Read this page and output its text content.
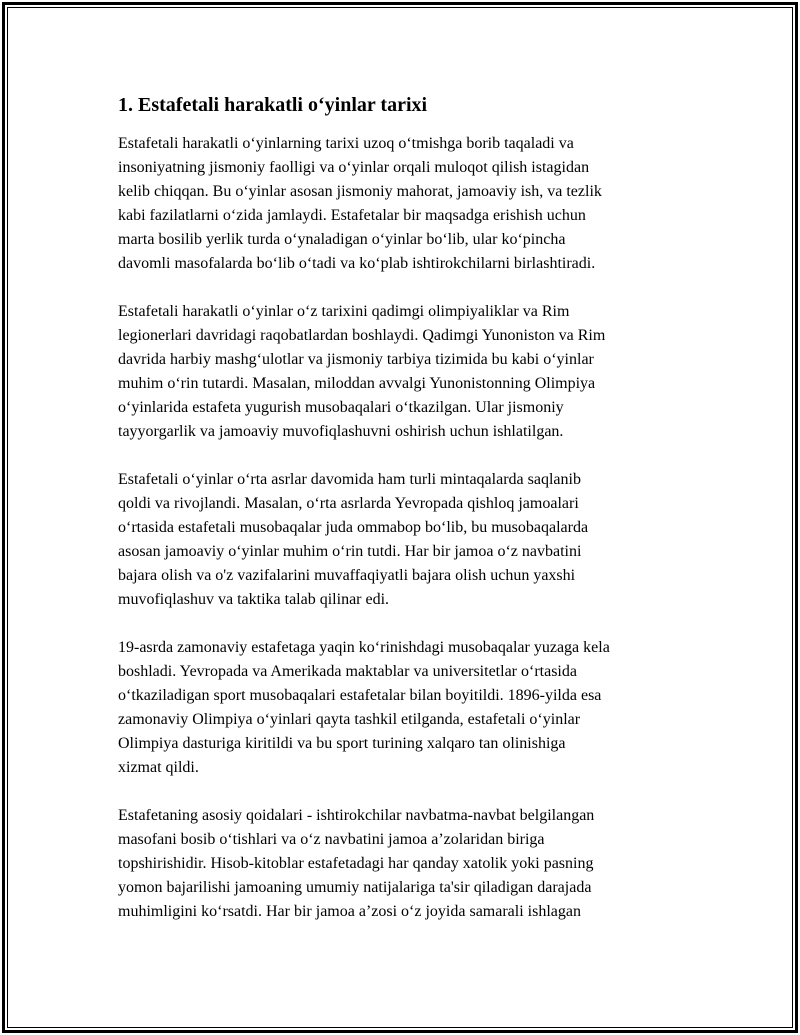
1. Estafetali harakatli o‘yinlar tarixi

Estafetali harakatli o‘yinlarning tarixi uzoq o‘tmishga borib taqaladi va
insoniyatning jismoniy faolligi va o‘yinlar orqali muloqot qilish istagidan
kelib chiqqan. Bu o‘yinlar asosan jismoniy mahorat, jamoaviy ish, va tezlik
kabi fazilatlarni o‘zida jamlaydi. Estafetalar bir maqsadga erishish uchun
marta bosilib yerlik turda o‘ynaladigan o‘yinlar bo‘lib, ular ko‘pincha
davomli masofalarda bo‘lib o‘tadi va ko‘plab ishtirokchilarni birlashtiradi.

Estafetali harakatli o‘yinlar o‘z tarixini qadimgi olimpiyaliklar va Rim
legionerlari davridagi raqobatlardan boshlaydi. Qadimgi Yunoniston va Rim
davrida harbiy mashg‘ulotlar va jismoniy tarbiya tizimida bu kabi o‘yinlar
muhim o‘rin tutardi. Masalan, miloddan avvalgi Yunonistonning Olimpiya
o‘yinlarida estafeta yugurish musobaqalari o‘tkazilgan. Ular jismoniy
tayyorgarlik va jamoaviy muvofiqlashuvni oshirish uchun ishlatilgan.

Estafetali o‘yinlar o‘rta asrlar davomida ham turli mintaqalarda saqlanib
qoldi va rivojlandi. Masalan, o‘rta asrlarda Yevropada qishloq jamoalari
o‘rtasida estafetali musobaqalar juda ommabop bo‘lib, bu musobaqalarda
asosan jamoaviy o‘yinlar muhim o‘rin tutdi. Har bir jamoa o‘z navbatini
bajara olish va o'z vazifalarini muvaffaqiyatli bajara olish uchun yaxshi
muvofiqlashuv va taktika talab qilinar edi.

19-asrda zamonaviy estafetaga yaqin ko‘rinishdagi musobaqalar yuzaga kela
boshladi. Yevropada va Amerikada maktablar va universitetlar o‘rtasida
o‘tkaziladigan sport musobaqalari estafetalar bilan boyitildi. 1896-yilda esa
zamonaviy Olimpiya o‘yinlari qayta tashkil etilganda, estafetali o‘yinlar
Olimpiya dasturiga kiritildi va bu sport turining xalqaro tan olinishiga
xizmat qildi.

Estafetaning asosiy qoidalari - ishtirokchilar navbatma-navbat belgilangan
masofani bosib o‘tishlari va o‘z navbatini jamoa a’zolaridan biriga
topshirishidir. Hisob-kitoblar estafetadagi har qanday xatolik yoki pasning
yomon bajarilishi jamoaning umumiy natijalariga ta'sir qiladigan darajada
muhimligini ko‘rsatdi. Har bir jamoa a’zosi o‘z joyida samarali ishlagan
